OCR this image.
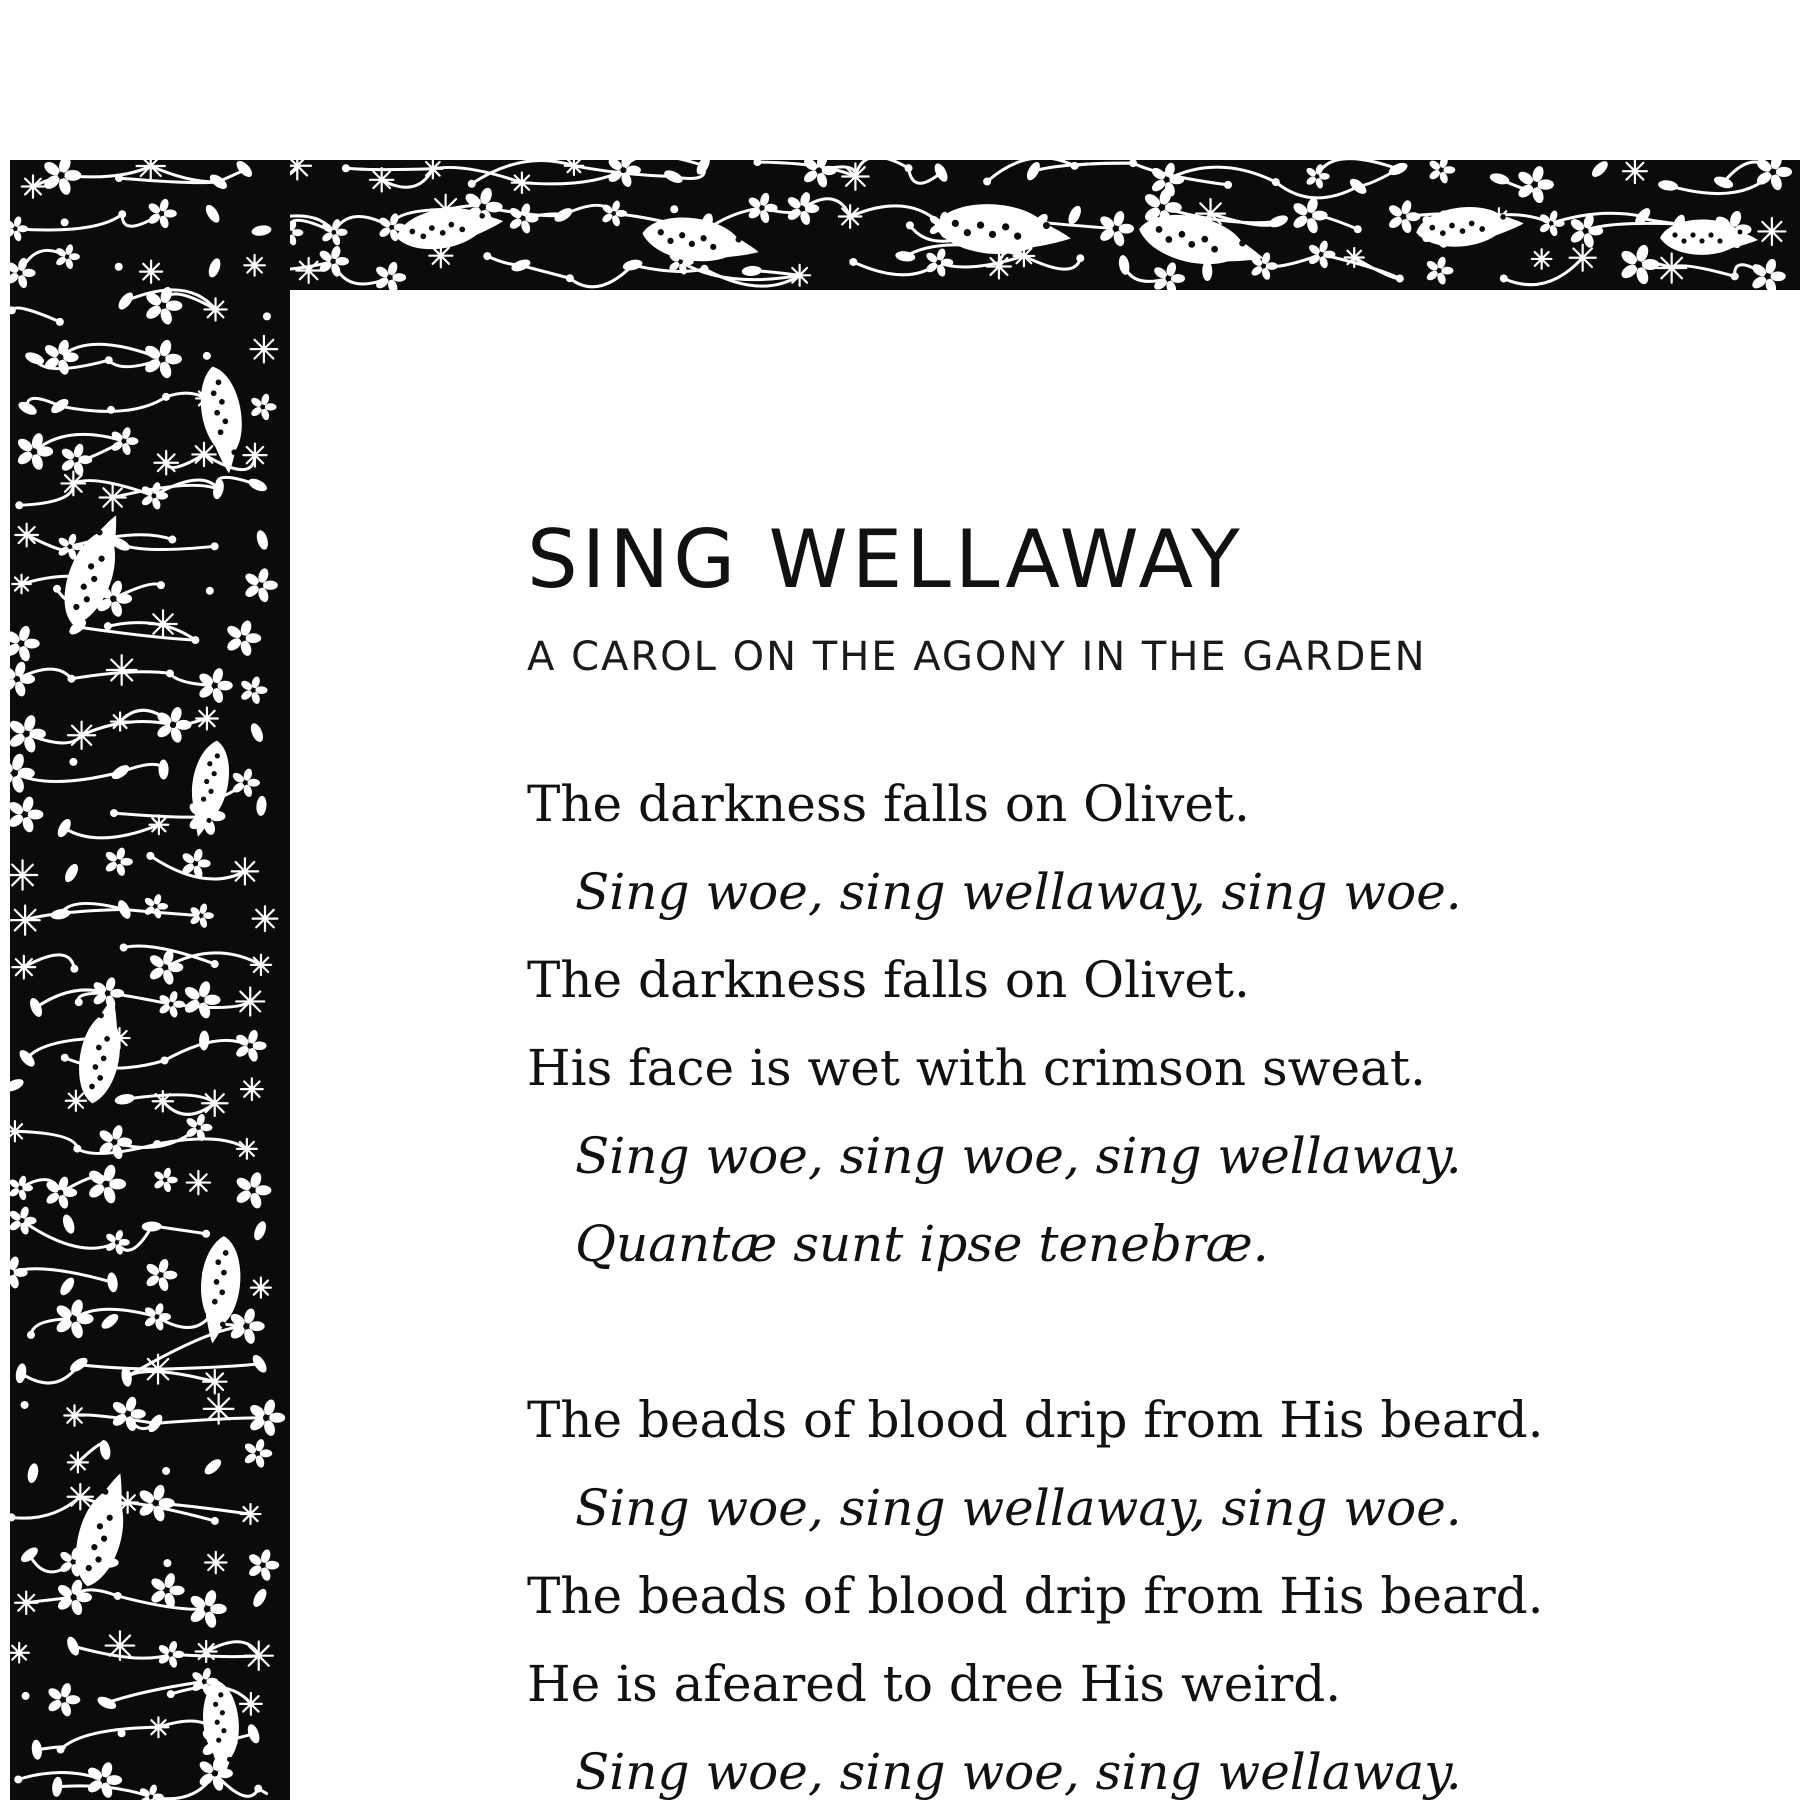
SING WELLAWAY
A CAROL ON THE AGONY IN THE GARDEN
The darkness falls on Olivet.
Sing woe, sing wellaway, sing woe.
The darkness falls on Olivet.
His face is wet with crimson sweat.
Sing woe, sing woe, sing wellaway.
Quantæ sunt ipse tenebræ.
The beads of blood drip from His beard.
Sing woe, sing wellaway, sing woe.
The beads of blood drip from His beard.
He is afeared to dree His weird.
Sing woe, sing woe, sing wellaway.
